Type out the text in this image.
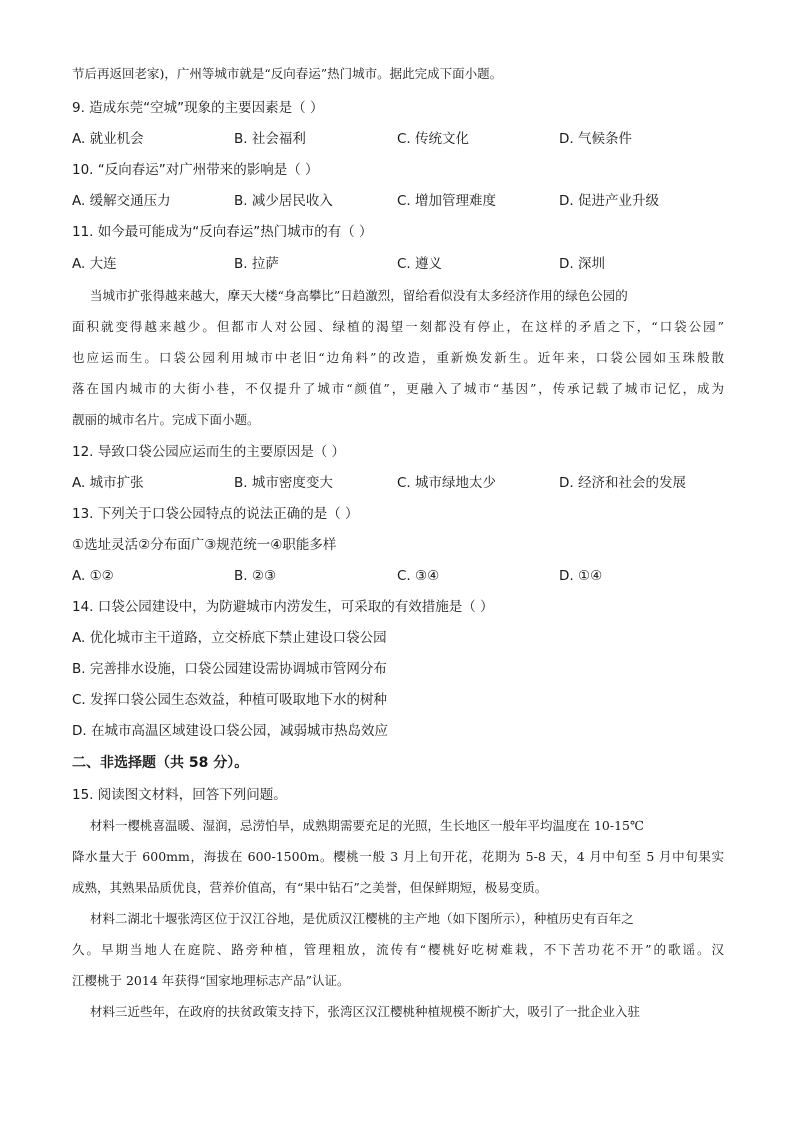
节后再返回老家)，广州等城市就是“反向春运”热门城市。据此完成下面小题。
9. 造成东莞“空城”现象的主要因素是（ ）
A. 就业机会	B. 社会福利	C. 传统文化	D. 气候条件
10. “反向春运”对广州带来的影响是（ ）
A. 缓解交通压力	B. 减少居民收入	C. 增加管理难度	D. 促进产业升级
11. 如今最可能成为“反向春运”热门城市的有（ ）
A. 大连	B. 拉萨	C. 遵义	D. 深圳
当城市扩张得越来越大，摩天大楼“身高攀比”日趋激烈，留给看似没有太多经济作用的绿色公园的
面积就变得越来越少。但都市人对公园、绿植的渴望一刻都没有停止，在这样的矛盾之下，“口袋公园”
也应运而生。口袋公园利用城市中老旧“边角料”的改造，重新焕发新生。近年来，口袋公园如玉珠般散
落在国内城市的大街小巷，不仅提升了城市“颜值”，更融入了城市“基因”，传承记载了城市记忆，成为
靓丽的城市名片。完成下面小题。
12. 导致口袋公园应运而生的主要原因是（ ）
A. 城市扩张	B. 城市密度变大	C. 城市绿地太少	D. 经济和社会的发展
13. 下列关于口袋公园特点的说法正确的是（ ）
①选址灵活②分布面广③规范统一④职能多样
A. ①②	B. ②③	C. ③④	D. ①④
14. 口袋公园建设中，为防避城市内涝发生，可采取的有效措施是（ ）
A. 优化城市主干道路，立交桥底下禁止建设口袋公园
B. 完善排水设施，口袋公园建设需协调城市管网分布
C. 发挥口袋公园生态效益，种植可吸取地下水的树种
D. 在城市高温区域建设口袋公园，减弱城市热岛效应
二、非选择题（共 58 分）。
15. 阅读图文材料，回答下列问题。
材料一樱桃喜温暖、湿润，忌涝怕旱，成熟期需要充足的光照，生长地区一般年平均温度在 10-15℃
降水量大于 600mm，海拔在 600-1500m。樱桃一般 3 月上旬开花，花期为 5-8 天，4 月中旬至 5 月中旬果实
成熟，其熟果品质优良，营养价值高，有“果中钻石”之美誉，但保鲜期短，极易变质。
材料二湖北十堰张湾区位于汉江谷地，是优质汉江樱桃的主产地（如下图所示），种植历史有百年之
久。早期当地人在庭院、路旁种植，管理粗放，流传有“樱桃好吃树难栽，不下苦功花不开”的歌谣。汉
江樱桃于 2014 年获得“国家地理标志产品”认证。
材料三近些年，在政府的扶贫政策支持下，张湾区汉江樱桃种植规模不断扩大，吸引了一批企业入驻
